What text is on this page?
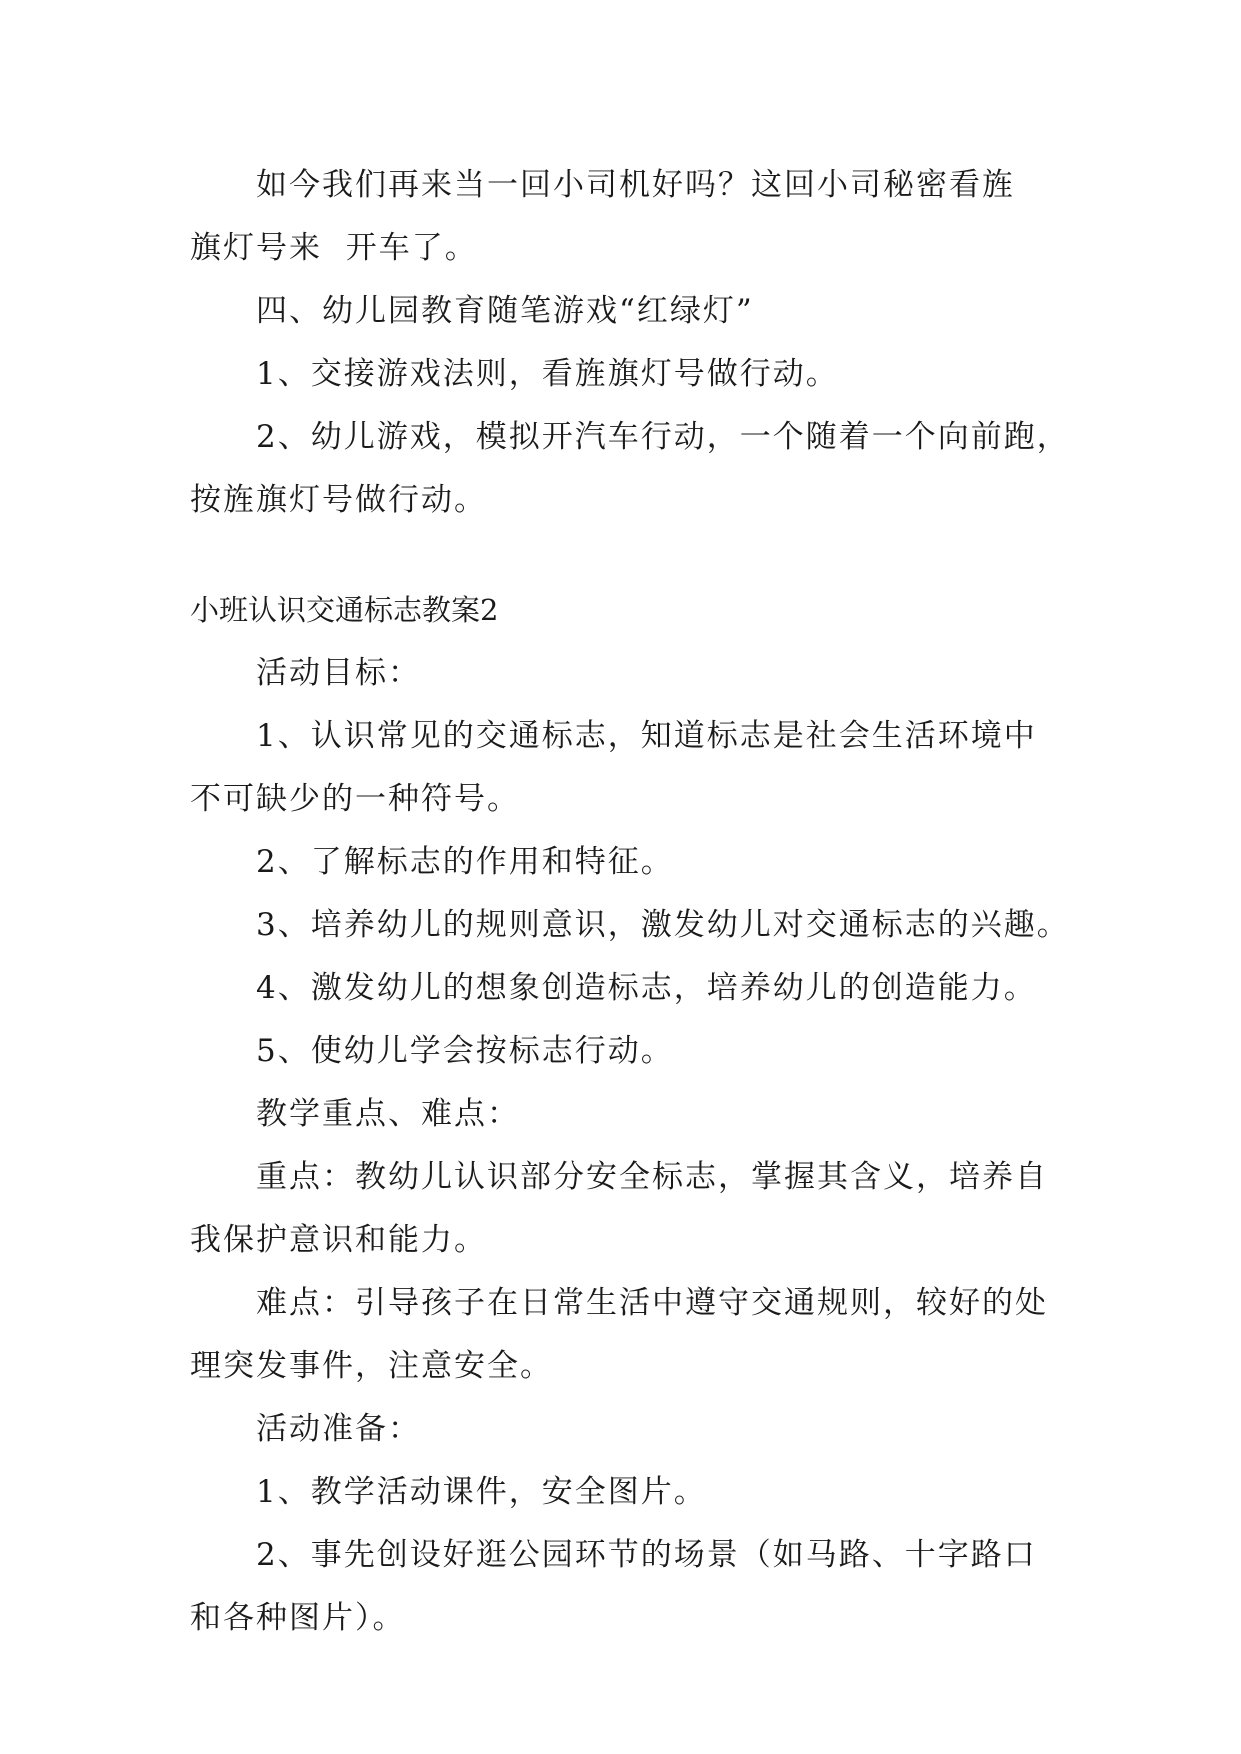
如今我们再来当一回小司机好吗？这回小司秘密看旌

旗灯号来  开车了。

四、幼儿园教育随笔游戏“红绿灯”

1、交接游戏法则，看旌旗灯号做行动。

2、幼儿游戏，模拟开汽车行动，一个随着一个向前跑，

按旌旗灯号做行动。

小班认识交通标志教案2

活动目标：

1、认识常见的交通标志，知道标志是社会生活环境中

不可缺少的一种符号。

2、了解标志的作用和特征。

3、培养幼儿的规则意识，激发幼儿对交通标志的兴趣。

4、激发幼儿的想象创造标志，培养幼儿的创造能力。

5、使幼儿学会按标志行动。

教学重点、难点：

重点：教幼儿认识部分安全标志，掌握其含义，培养自

我保护意识和能力。

难点：引导孩子在日常生活中遵守交通规则，较好的处

理突发事件，注意安全。

活动准备：

1、教学活动课件，安全图片。

2、事先创设好逛公园环节的场景（如马路、十字路口

和各种图片）。
